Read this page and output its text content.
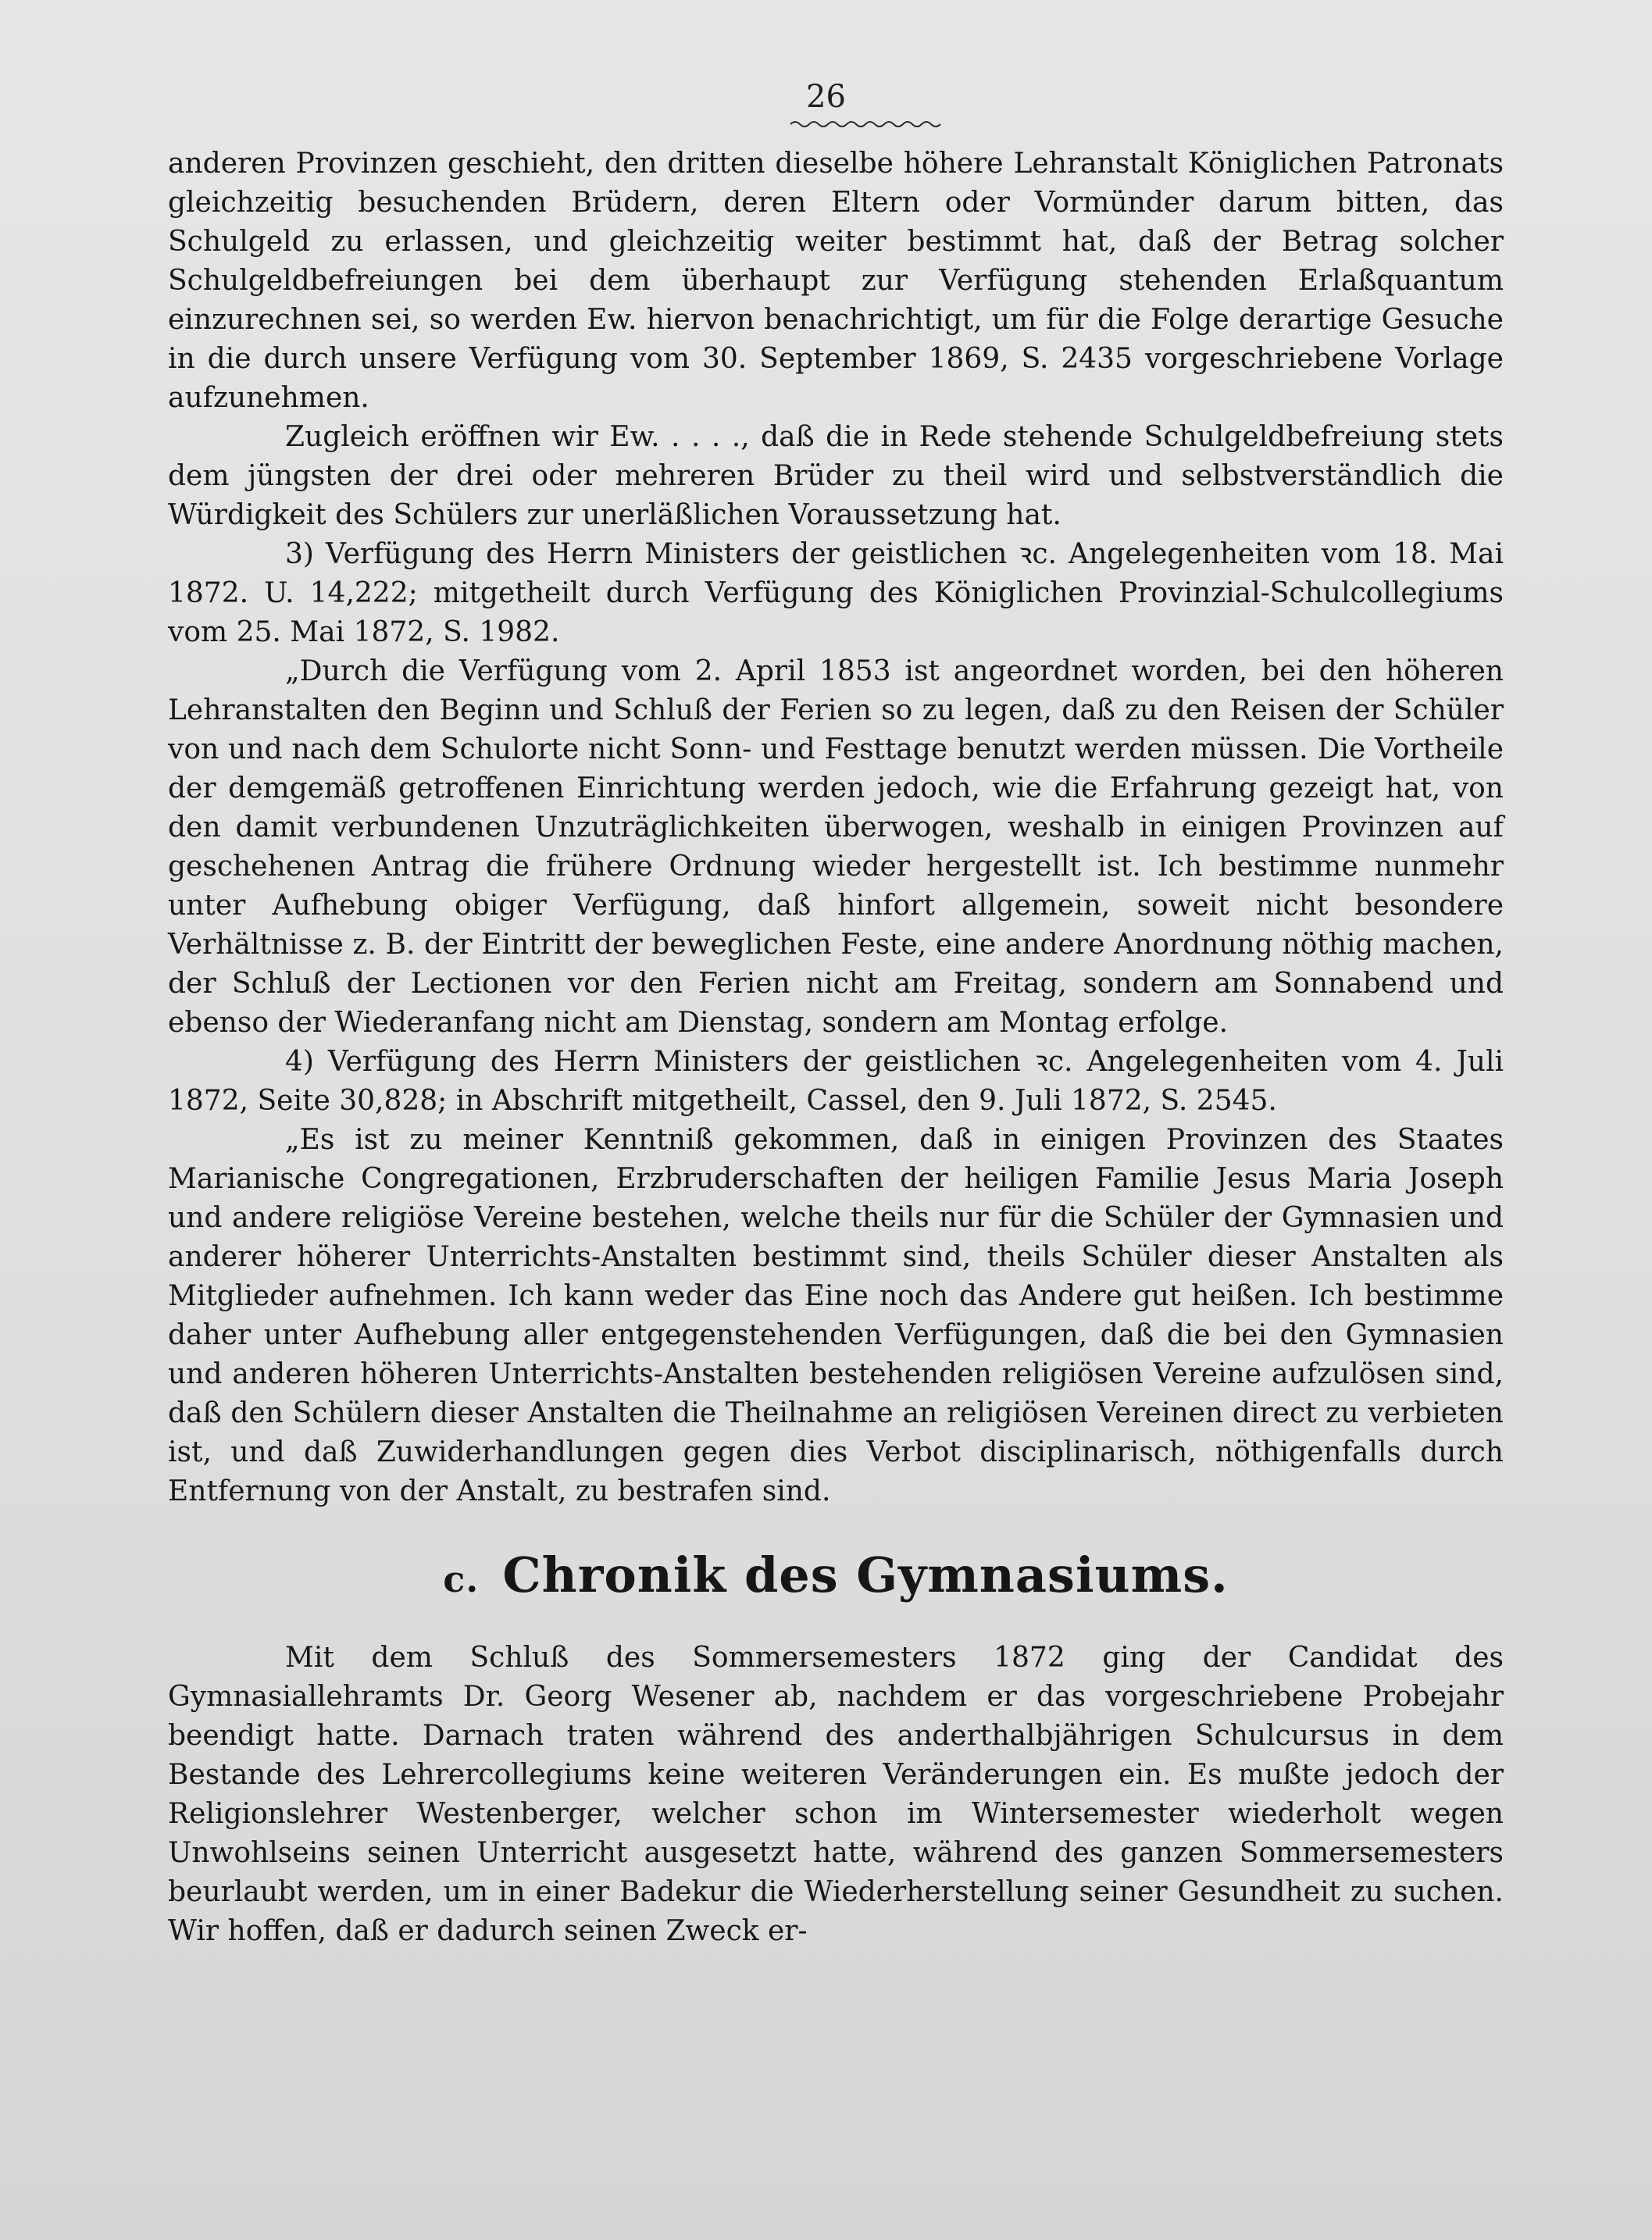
26

anderen Provinzen geschieht, den dritten dieselbe höhere Lehranstalt Königlichen Patronats gleichzeitig besuchenden Brüdern, deren Eltern oder Vormünder darum bitten, das Schulgeld zu erlassen, und gleichzeitig weiter bestimmt hat, daß der Betrag solcher Schulgeldbefreiungen bei dem überhaupt zur Verfügung stehenden Erlaßquantum einzurechnen sei, so werden Ew. hiervon benachrichtigt, um für die Folge derartige Gesuche in die durch unsere Verfügung vom 30. September 1869, S. 2435 vorgeschriebene Vorlage aufzunehmen.

Zugleich eröffnen wir Ew. . . . ., daß die in Rede stehende Schulgeldbefreiung stets dem jüngsten der drei oder mehreren Brüder zu theil wird und selbstverständlich die Würdigkeit des Schülers zur unerläßlichen Voraussetzung hat.

3) Verfügung des Herrn Ministers der geistlichen ꝛc. Angelegenheiten vom 18. Mai 1872. U. 14,222; mitgetheilt durch Verfügung des Königlichen Provinzial-Schulcollegiums vom 25. Mai 1872, S. 1982.

„Durch die Verfügung vom 2. April 1853 ist angeordnet worden, bei den höheren Lehranstalten den Beginn und Schluß der Ferien so zu legen, daß zu den Reisen der Schüler von und nach dem Schulorte nicht Sonn- und Festtage benutzt werden müssen. Die Vortheile der demgemäß getroffenen Einrichtung werden jedoch, wie die Erfahrung gezeigt hat, von den damit verbundenen Unzuträglichkeiten überwogen, weshalb in einigen Provinzen auf geschehenen Antrag die frühere Ordnung wieder hergestellt ist. Ich bestimme nunmehr unter Aufhebung obiger Verfügung, daß hinfort allgemein, soweit nicht besondere Verhältnisse z. B. der Eintritt der beweglichen Feste, eine andere Anordnung nöthig machen, der Schluß der Lectionen vor den Ferien nicht am Freitag, sondern am Sonnabend und ebenso der Wiederanfang nicht am Dienstag, sondern am Montag erfolge.

4) Verfügung des Herrn Ministers der geistlichen ꝛc. Angelegenheiten vom 4. Juli 1872, Seite 30,828; in Abschrift mitgetheilt, Cassel, den 9. Juli 1872, S. 2545.

„Es ist zu meiner Kenntniß gekommen, daß in einigen Provinzen des Staates Marianische Congregationen, Erzbruderschaften der heiligen Familie Jesus Maria Joseph und andere religiöse Vereine bestehen, welche theils nur für die Schüler der Gymnasien und anderer höherer Unterrichts-Anstalten bestimmt sind, theils Schüler dieser Anstalten als Mitglieder aufnehmen. Ich kann weder das Eine noch das Andere gut heißen. Ich bestimme daher unter Aufhebung aller entgegenstehenden Verfügungen, daß die bei den Gymnasien und anderen höheren Unterrichts-Anstalten bestehenden religiösen Vereine aufzulösen sind, daß den Schülern dieser Anstalten die Theilnahme an religiösen Vereinen direct zu verbieten ist, und daß Zuwiderhandlungen gegen dies Verbot disciplinarisch, nöthigenfalls durch Entfernung von der Anstalt, zu bestrafen sind.

c. Chronik des Gymnasiums.

Mit dem Schluß des Sommersemesters 1872 ging der Candidat des Gymnasiallehramts Dr. Georg Wesener ab, nachdem er das vorgeschriebene Probejahr beendigt hatte. Darnach traten während des anderthalbjährigen Schulcursus in dem Bestande des Lehrercollegiums keine weiteren Veränderungen ein. Es mußte jedoch der Religionslehrer Westenberger, welcher schon im Wintersemester wiederholt wegen Unwohlseins seinen Unterricht ausgesetzt hatte, während des ganzen Sommersemesters beurlaubt werden, um in einer Badekur die Wiederherstellung seiner Gesundheit zu suchen. Wir hoffen, daß er dadurch seinen Zweck er-
